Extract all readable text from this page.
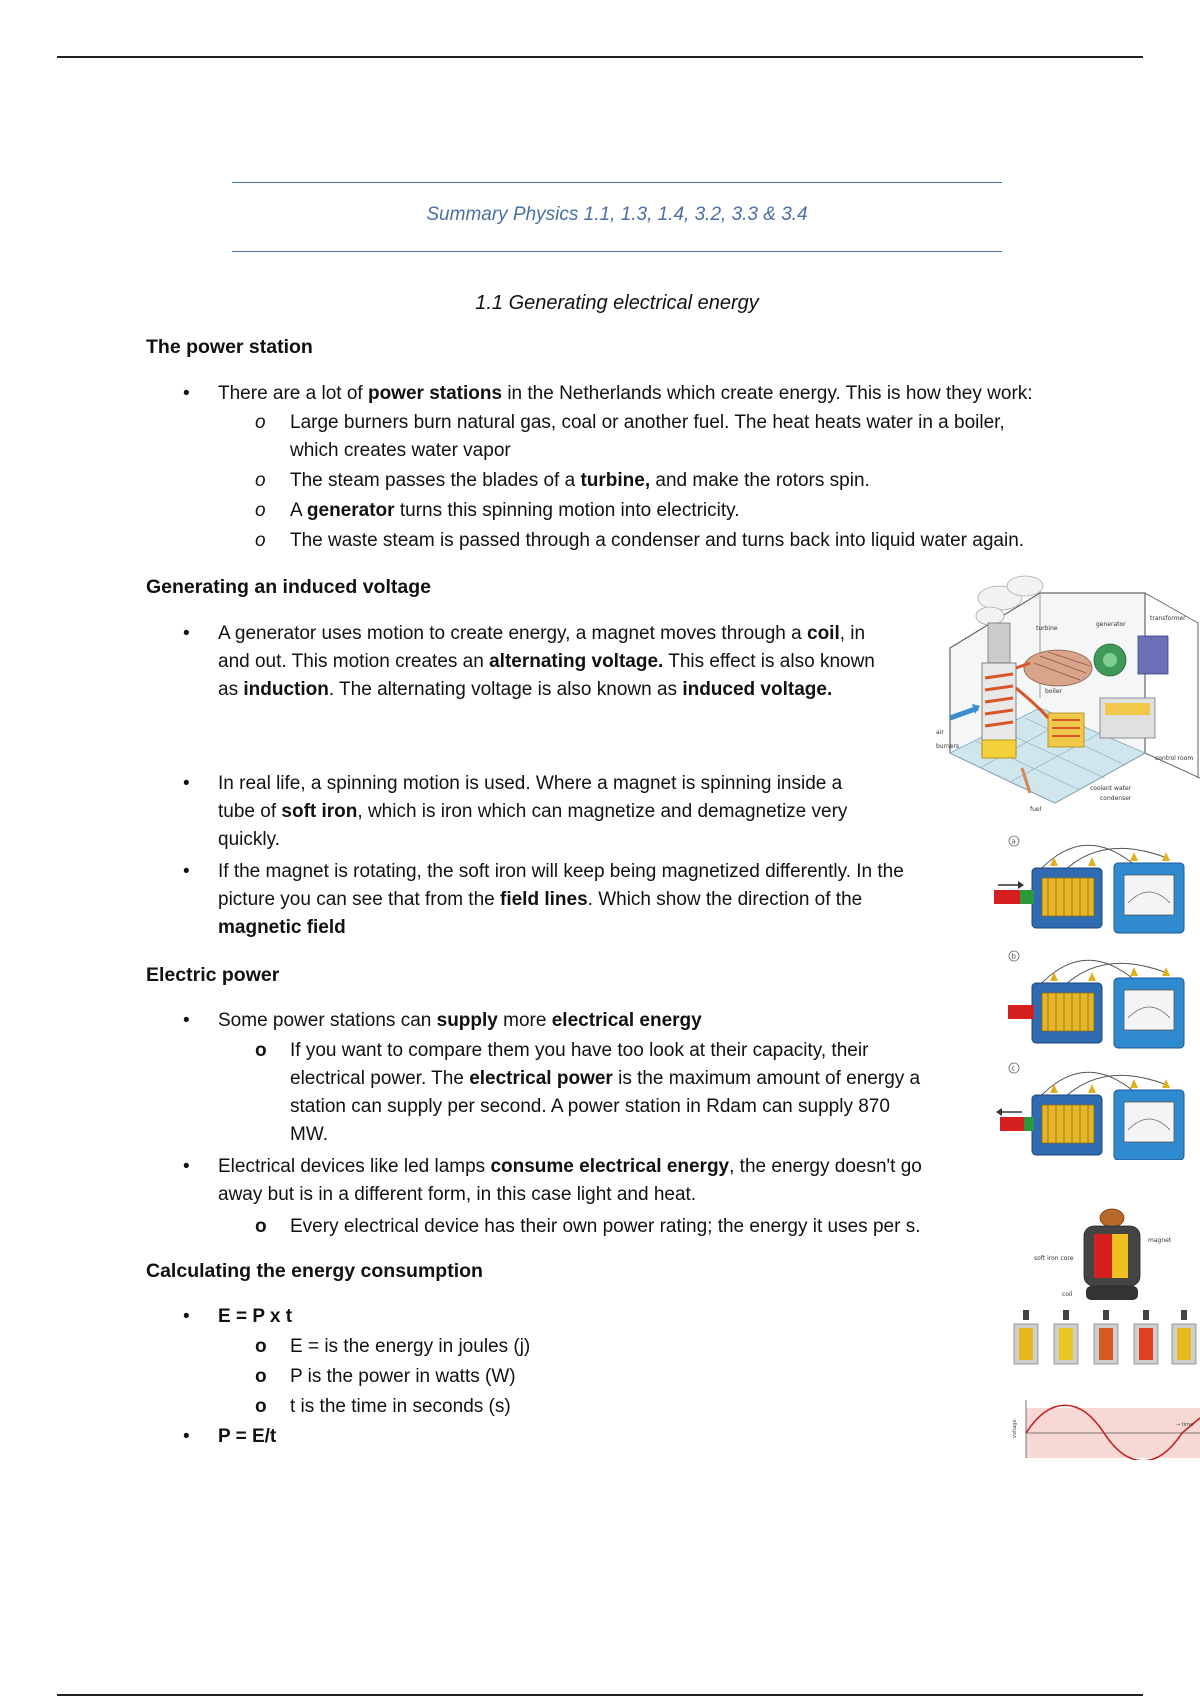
Summary Physics 1.1, 1.3, 1.4, 3.2, 3.3 & 3.4
1.1 Generating electrical energy
The power station
• There are a lot of power stations in the Netherlands which create energy. This is how they work:
o Large burners burn natural gas, coal or another fuel. The heat heats water in a boiler,
which creates water vapor
o The steam passes the blades of a turbine, and make the rotors spin.
o A generator turns this spinning motion into electricity.
o The waste steam is passed through a condenser and turns back into liquid water again.
Generating an induced voltage
• A generator uses motion to create energy, a magnet moves through a coil, in
and out. This motion creates an alternating voltage. This effect is also known
as induction. The alternating voltage is also known as induced voltage.
• In real life, a spinning motion is used. Where a magnet is spinning inside a
tube of soft iron, which is iron which can magnetize and demagnetize very
quickly.
• If the magnet is rotating, the soft iron will keep being magnetized differently. In the
picture you can see that from the field lines. Which show the direction of the
magnetic field
Electric power
• Some power stations can supply more electrical energy
o If you want to compare them you have too look at their capacity, their
electrical power. The electrical power is the maximum amount of energy a
station can supply per second. A power station in Rdam can supply 870
MW.
• Electrical devices like led lamps consume electrical energy, the energy doesn't go
away but is in a different form, in this case light and heat.
o Every electrical device has their own power rating; the energy it uses per s.
Calculating the energy consumption
• E = P x t
o E = is the energy in joules (j)
o P is the power in watts (W)
o t is the time in seconds (s)
• P = E/t
generator
transformer
turbine
boiler
air
burners
fuel
coolant water
condenser
control room
a
b
c
soft iron core
coil
magnet
voltage	→ time
